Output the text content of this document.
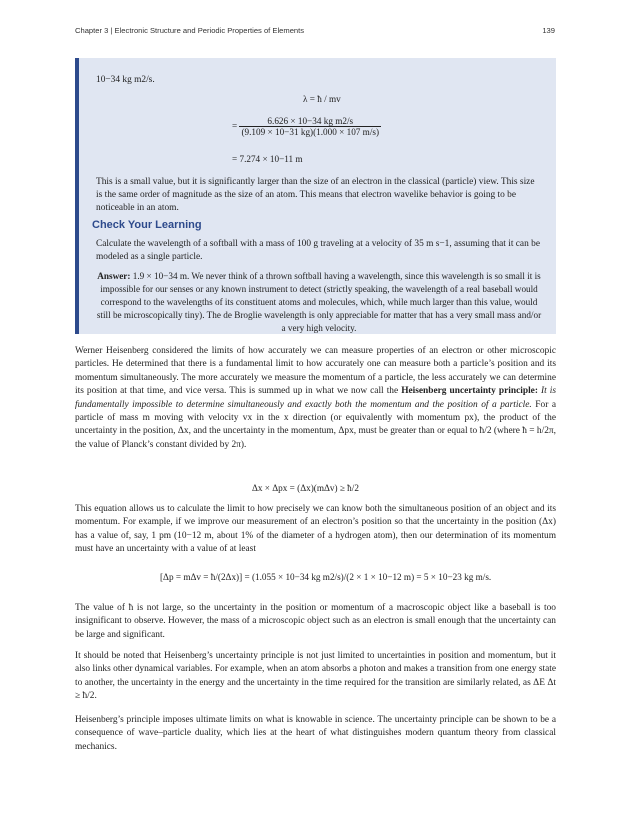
Chapter 3 | Electronic Structure and Periodic Properties of Elements	139
10−34 kg m2/s.
λ = ħ / mv
= $\frac{\text{6.626 × 10−34 kg m2/s}}{(9.109 \times 10-31 kg)(1.000 \times 107 m/s)}$
= 7.274 × 10−11 m
This is a small value, but it is significantly larger than the size of an electron in the classical (particle) view. This size is the same order of magnitude as the size of an atom. This means that electron wavelike behavior is going to be noticeable in an atom.
Check Your Learning
Calculate the wavelength of a softball with a mass of 100 g traveling at a velocity of 35 m s−1, assuming that it can be modeled as a single particle.
Answer: 1.9 × 10−34 m. We never think of a thrown softball having a wavelength, since this wavelength is so small it is impossible for our senses or any known instrument to detect (strictly speaking, the wavelength of a real baseball would correspond to the wavelengths of its constituent atoms and molecules, which, while much larger than this value, would still be microscopically tiny). The de Broglie wavelength is only appreciable for matter that has a very small mass and/or a very high velocity.
Werner Heisenberg considered the limits of how accurately we can measure properties of an electron or other microscopic particles. He determined that there is a fundamental limit to how accurately one can measure both a particle’s position and its momentum simultaneously. The more accurately we measure the momentum of a particle, the less accurately we can determine its position at that time, and vice versa. This is summed up in what we now call the Heisenberg uncertainty principle: It is fundamentally impossible to determine simultaneously and exactly both the momentum and the position of a particle. For a particle of mass m moving with velocity vx in the x direction (or equivalently with momentum px), the product of the uncertainty in the position, Δx, and the uncertainty in the momentum, Δpx, must be greater than or equal to ħ/2 (where ħ = h/2π, the value of Planck’s constant divided by 2π).
Δx × Δpx = (Δx)(mΔv) ≥ ħ/2
This equation allows us to calculate the limit to how precisely we can know both the simultaneous position of an object and its momentum. For example, if we improve our measurement of an electron’s position so that the uncertainty in the position (Δx) has a value of, say, 1 pm (10−12 m, about 1% of the diameter of a hydrogen atom), then our determination of its momentum must have an uncertainty with a value of at least
[Δp = mΔv = ħ/(2Δx)] = (1.055 × 10−34 kg m2/s)/(2 × 1 × 10−12 m) = 5 × 10−23 kg m/s.
The value of ħ is not large, so the uncertainty in the position or momentum of a macroscopic object like a baseball is too insignificant to observe. However, the mass of a microscopic object such as an electron is small enough that the uncertainty can be large and significant.
It should be noted that Heisenberg’s uncertainty principle is not just limited to uncertainties in position and momentum, but it also links other dynamical variables. For example, when an atom absorbs a photon and makes a transition from one energy state to another, the uncertainty in the energy and the uncertainty in the time required for the transition are similarly related, as ΔE Δt ≥ ħ/2.
Heisenberg’s principle imposes ultimate limits on what is knowable in science. The uncertainty principle can be shown to be a consequence of wave–particle duality, which lies at the heart of what distinguishes modern quantum theory from classical mechanics.
